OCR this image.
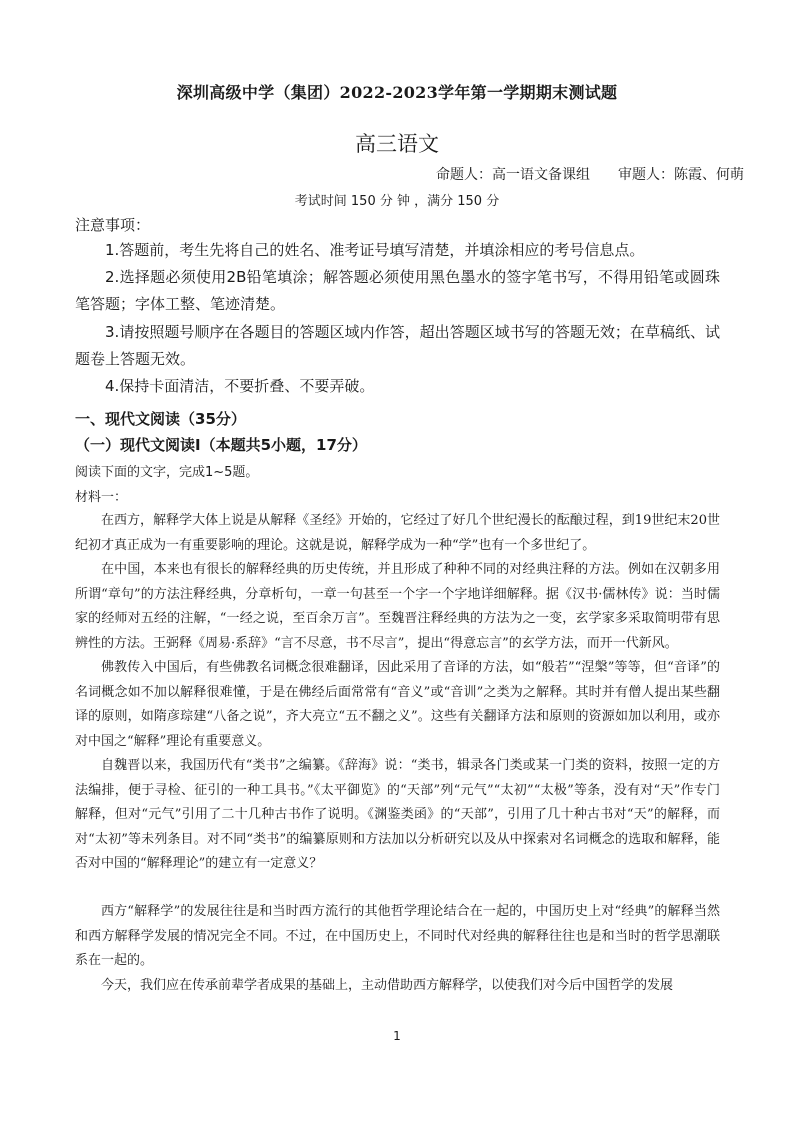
深圳高级中学（集团）2022-2023学年第一学期期末测试题
高三语文
命题人：高一语文备课组 审题人：陈霞、何萌
考试时间 150 分 钟 ，满分 150 分
注意事项：

1.答题前，考生先将自己的姓名、准考证号填写清楚，并填涂相应的考号信息点。

2.选择题必须使用2B铅笔填涂；解答题必须使用黑色墨水的签字笔书写，不得用铅笔或圆珠笔答题；字体工整、笔迹清楚。

3.请按照题号顺序在各题目的答题区域内作答，超出答题区域书写的答题无效；在草稿纸、试题卷上答题无效。

4.保持卡面清洁，不要折叠、不要弄破。

一、现代文阅读（35分）
（一）现代文阅读Ⅰ（本题共5小题，17分）
阅读下面的文字，完成1~5题。
材料一：

在西方，解释学大体上说是从解释《圣经》开始的，它经过了好几个世纪漫长的酝酿过程，到19世纪末20世纪初才真正成为一有重要影响的理论。这就是说，解释学成为一种“学”也有一个多世纪了。

在中国，本来也有很长的解释经典的历史传统，并且形成了种种不同的对经典注释的方法。例如在汉朝多用所谓“章句”的方法注释经典，分章析句，一章一句甚至一个字一个字地详细解释。据《汉书·儒林传》说：当时儒家的经师对五经的注解，“一经之说，至百余万言”。至魏晋注释经典的方法为之一变，玄学家多采取简明带有思辨性的方法。王弼释《周易·系辞》“言不尽意，书不尽言”，提出“得意忘言”的玄学方法，而开一代新风。

佛教传入中国后，有些佛教名词概念很难翻译，因此采用了音译的方法，如“般若”“涅槃”等等，但“音译”的名词概念如不加以解释很难懂，于是在佛经后面常常有“音义”或“音训”之类为之解释。其时并有僧人提出某些翻译的原则，如隋彦琮建“八备之说”，齐大亮立“五不翻之义”。这些有关翻译方法和原则的资源如加以利用，或亦对中国之“解释”理论有重要意义。

自魏晋以来，我国历代有“类书”之编纂。《辞海》说：“类书，辑录各门类或某一门类的资料，按照一定的方法编排，便于寻检、征引的一种工具书。”《太平御览》的“天部”列“元气”“太初”“太极”等条，没有对“天”作专门解释，但对“元气”引用了二十几种古书作了说明。《渊鉴类函》的“天部”，引用了几十种古书对“天”的解释，而对“太初”等未列条目。对不同“类书”的编纂原则和方法加以分析研究以及从中探索对名词概念的选取和解释，能否对中国的“解释理论”的建立有一定意义？

西方“解释学”的发展往往是和当时西方流行的其他哲学理论结合在一起的，中国历史上对“经典”的解释当然和西方解释学发展的情况完全不同。不过，在中国历史上，不同时代对经典的解释往往也是和当时的哲学思潮联系在一起的。

今天，我们应在传承前辈学者成果的基础上，主动借助西方解释学，以使我们对今后中国哲学的发展

1
